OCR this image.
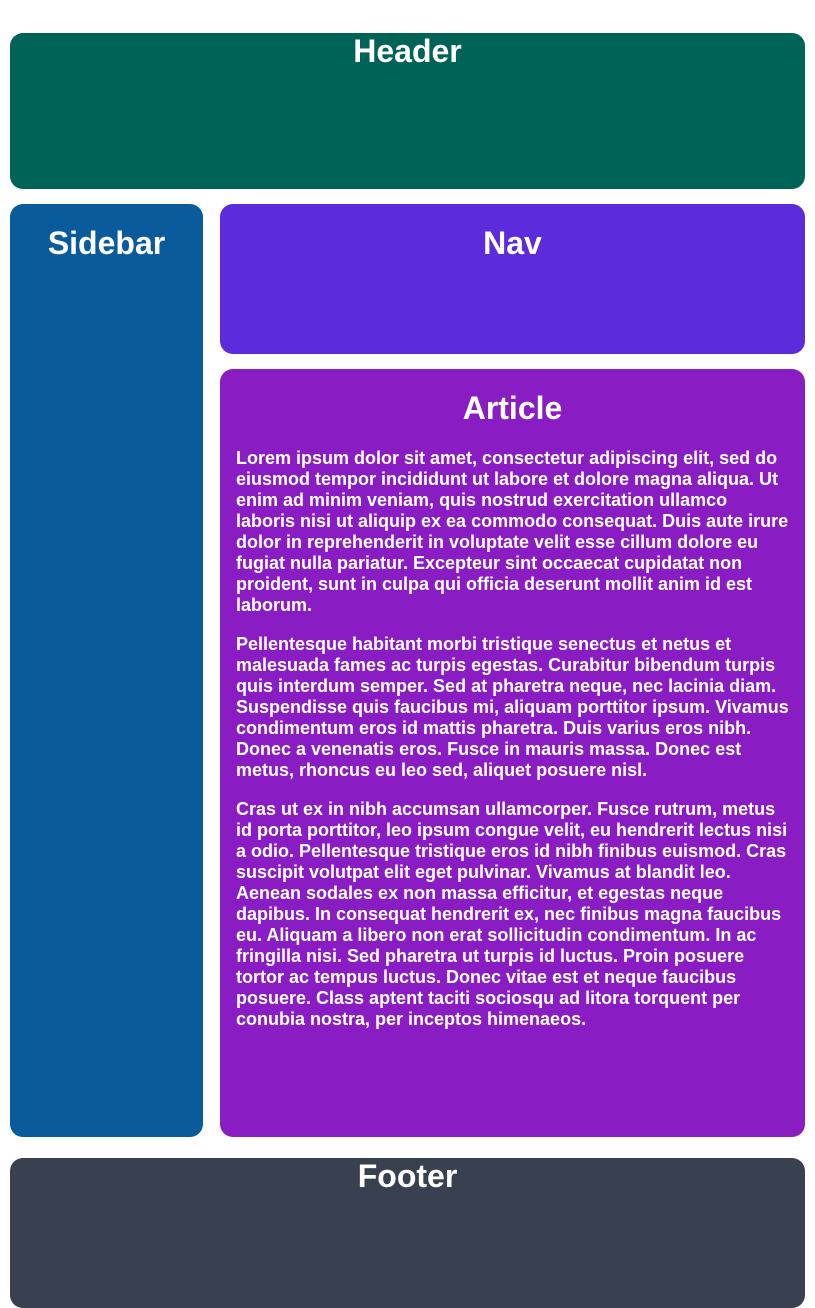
Header
Sidebar	Nav
Article

Lorem ipsum dolor sit amet, consectetur adipiscing elit, sed do eiusmod tempor incididunt ut labore et dolore magna aliqua. Ut enim ad minim veniam, quis nostrud exercitation ullamco laboris nisi ut aliquip ex ea commodo consequat. Duis aute irure dolor in reprehenderit in voluptate velit esse cillum dolore eu fugiat nulla pariatur. Excepteur sint occaecat cupidatat non proident, sunt in culpa qui officia deserunt mollit anim id est laborum.

Pellentesque habitant morbi tristique senectus et netus et malesuada fames ac turpis egestas. Curabitur bibendum turpis quis interdum semper. Sed at pharetra neque, nec lacinia diam. Suspendisse quis faucibus mi, aliquam porttitor ipsum. Vivamus condimentum eros id mattis pharetra. Duis varius eros nibh. Donec a venenatis eros. Fusce in mauris massa. Donec est metus, rhoncus eu leo sed, aliquet posuere nisl.

Cras ut ex in nibh accumsan ullamcorper. Fusce rutrum, metus id porta porttitor, leo ipsum congue velit, eu hendrerit lectus nisi a odio. Pellentesque tristique eros id nibh finibus euismod. Cras suscipit volutpat elit eget pulvinar. Vivamus at blandit leo. Aenean sodales ex non massa efficitur, et egestas neque dapibus. In consequat hendrerit ex, nec finibus magna faucibus eu. Aliquam a libero non erat sollicitudin condimentum. In ac fringilla nisi. Sed pharetra ut turpis id luctus. Proin posuere tortor ac tempus luctus. Donec vitae est et neque faucibus posuere. Class aptent taciti sociosqu ad litora torquent per conubia nostra, per inceptos himenaeos.

Footer
